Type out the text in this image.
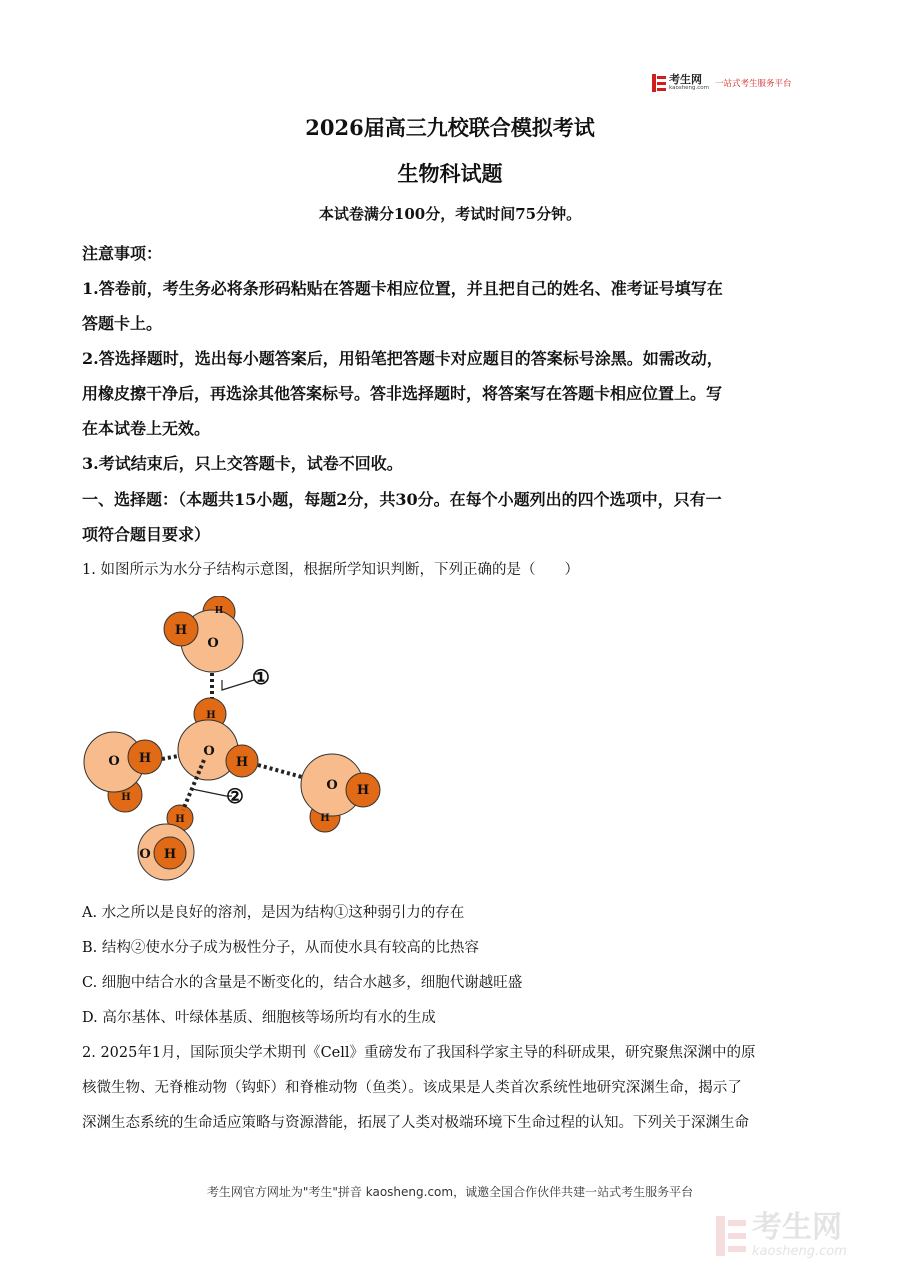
考生网
kaosheng.com 一站式考生服务平台
2026届高三九校联合模拟考试
生物科试题
本试卷满分100分，考试时间75分钟。
注意事项：
1.答卷前，考生务必将条形码粘贴在答题卡相应位置，并且把自己的姓名、准考证号填写在
答题卡上。
2.答选择题时，选出每小题答案后，用铅笔把答题卡对应题目的答案标号涂黑。如需改动，
用橡皮擦干净后，再选涂其他答案标号。答非选择题时，将答案写在答题卡相应位置上。写
在本试卷上无效。
3.考试结束后，只上交答题卡，试卷不回收。
一、选择题：（本题共15小题，每题2分，共30分。在每个小题列出的四个选项中，只有一
项符合题目要求）
1. 如图所示为水分子结构示意图，根据所学知识判断，下列正确的是（　　）
①
②
H
O
H
O H
H
H
O
H
O H
H
H
O H
A. 水之所以是良好的溶剂，是因为结构①这种弱引力的存在
B. 结构②使水分子成为极性分子，从而使水具有较高的比热容
C. 细胞中结合水的含量是不断变化的，结合水越多，细胞代谢越旺盛
D. 高尔基体、叶绿体基质、细胞核等场所均有水的生成
2. 2025年1月，国际顶尖学术期刊《Cell》重磅发布了我国科学家主导的科研成果，研究聚焦深渊中的原
核微生物、无脊椎动物（钩虾）和脊椎动物（鱼类）。该成果是人类首次系统性地研究深渊生命，揭示了
深渊生态系统的生命适应策略与资源潜能，拓展了人类对极端环境下生命过程的认知。下列关于深渊生命
考生网官方网址为"考生"拼音 kaosheng.com，诚邀全国合作伙伴共建一站式考生服务平台
考生网
kaosheng.com
